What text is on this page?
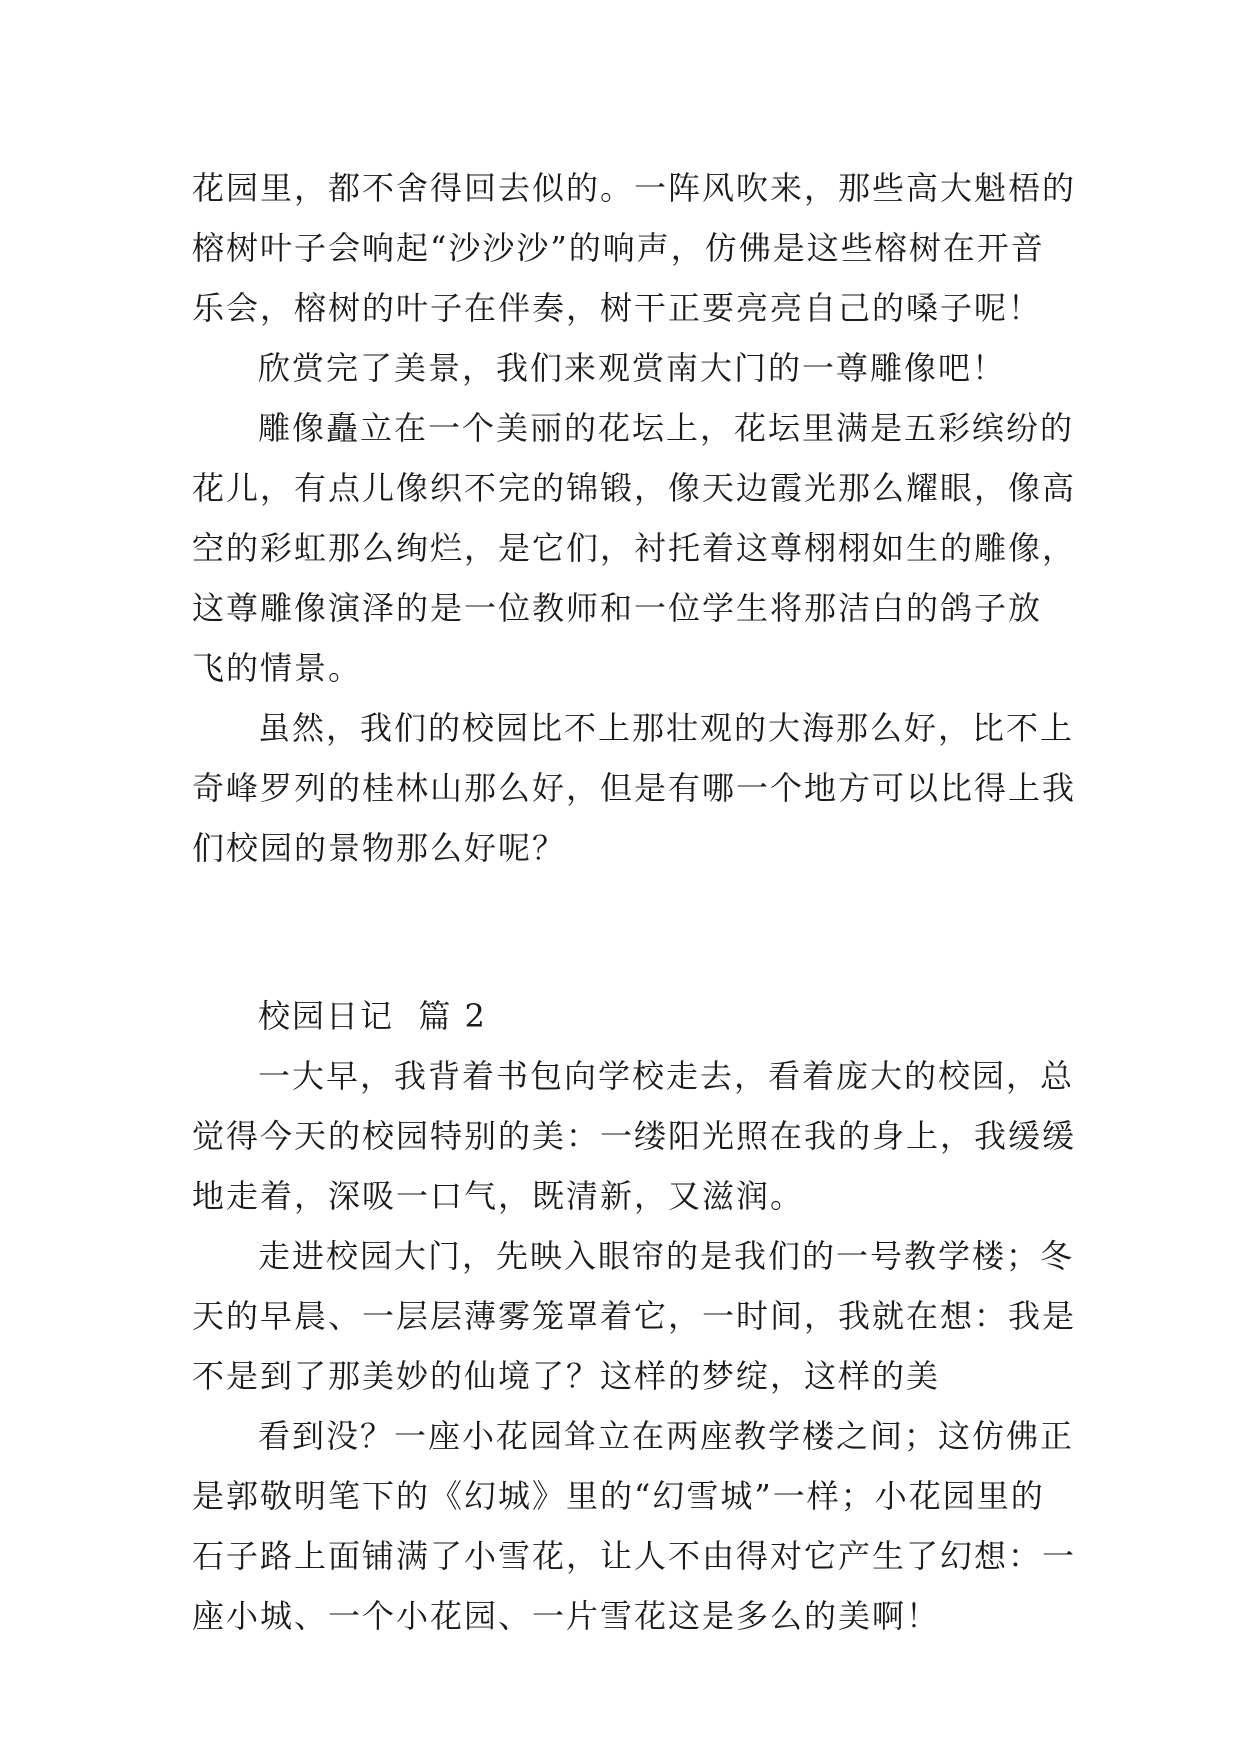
花园里，都不舍得回去似的。一阵风吹来，那些高大魁梧的
榕树叶子会响起“沙沙沙”的响声，仿佛是这些榕树在开音
乐会，榕树的叶子在伴奏，树干正要亮亮自己的嗓子呢！
欣赏完了美景，我们来观赏南大门的一尊雕像吧！
雕像矗立在一个美丽的花坛上，花坛里满是五彩缤纷的
花儿，有点儿像织不完的锦锻，像天边霞光那么耀眼，像高
空的彩虹那么绚烂，是它们，衬托着这尊栩栩如生的雕像，
这尊雕像演泽的是一位教师和一位学生将那洁白的鸽子放
飞的情景。
虽然，我们的校园比不上那壮观的大海那么好，比不上
奇峰罗列的桂林山那么好，但是有哪一个地方可以比得上我
们校园的景物那么好呢？
校园日记  篇 2
一大早，我背着书包向学校走去，看着庞大的校园，总
觉得今天的校园特别的美：一缕阳光照在我的身上，我缓缓
地走着，深吸一口气，既清新，又滋润。
走进校园大门，先映入眼帘的是我们的一号教学楼；冬
天的早晨、一层层薄雾笼罩着它，一时间，我就在想：我是
不是到了那美妙的仙境了？这样的梦绽，这样的美
看到没？一座小花园耸立在两座教学楼之间；这仿佛正
是郭敬明笔下的《幻城》里的“幻雪城”一样；小花园里的
石子路上面铺满了小雪花，让人不由得对它产生了幻想：一
座小城、一个小花园、一片雪花这是多么的美啊！
